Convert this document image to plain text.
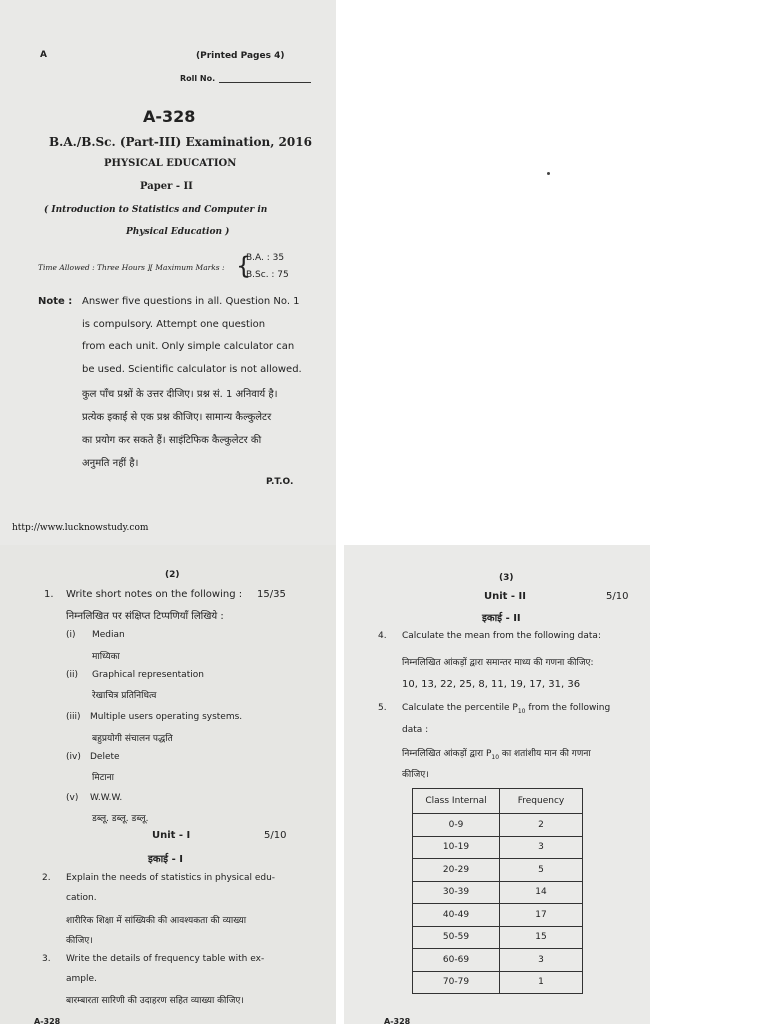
A	(Printed Pages 4)
Roll No.
A-328
B.A./B.Sc. (Part-III) Examination, 2016
PHYSICAL EDUCATION
Paper - II
( Introduction to Statistics and Computer in
Physical Education )
Time Allowed : Three Hours ] [ Maximum Marks : {
B.A. : 35
B.Sc. : 75
Note : Answer five questions in all. Question No. 1
is compulsory. Attempt one question
from each unit. Only simple calculator can
be used. Scientific calculator is not allowed.
कुल पाँच प्रश्नों के उत्तर दीजिए। प्रश्न सं. 1 अनिवार्य है।
प्रत्येक इकाई से एक प्रश्न कीजिए। सामान्य कैल्कुलेटर
का प्रयोग कर सकते हैं। साइंटिफिक कैल्कुलेटर की
अनुमति नहीं है।
P.T.O.
http://www.lucknowstudy.com
(2)
1. Write short notes on the following : 15/35
निम्नलिखित पर संक्षिप्त टिप्पणियाँ लिखिये :
(i) Median
माध्यिका
(ii) Graphical representation
रेखाचित्र प्रतिनिधित्व
(iii) Multiple users operating systems.
बहुप्रयोगी संचालन पद्धति
(iv) Delete
मिटाना
(v) W.W.W.
डब्लू. डब्लू. डब्लू.
Unit - I	5/10
इकाई - I
2. Explain the needs of statistics in physical edu-
cation.
शारीरिक शिक्षा में सांख्यिकी की आवश्यकता की व्याख्या
कीजिए।
3. Write the details of frequency table with ex-
ample.
बारम्बारता सारिणी की उदाहरण सहित व्याख्या कीजिए।
A-328
(3)
Unit - II	5/10
इकाई - II
4. Calculate the mean from the following data:
निम्नलिखित आंकड़ों द्वारा समान्तर माध्य की गणना कीजिए:
10, 13, 22, 25, 8, 11, 19, 17, 31, 36
5. Calculate the percentile $P_{10}$ from the following
data :
निम्नलिखित आंकड़ों द्वारा $P_{10}$ का शतांशीय मान की गणना
कीजिए।
Class Internal	Frequency
0-9	2
10-19	3
20-29	5
30-39	14
40-49	17
50-59	15
60-69	3
70-79	1
A-328
